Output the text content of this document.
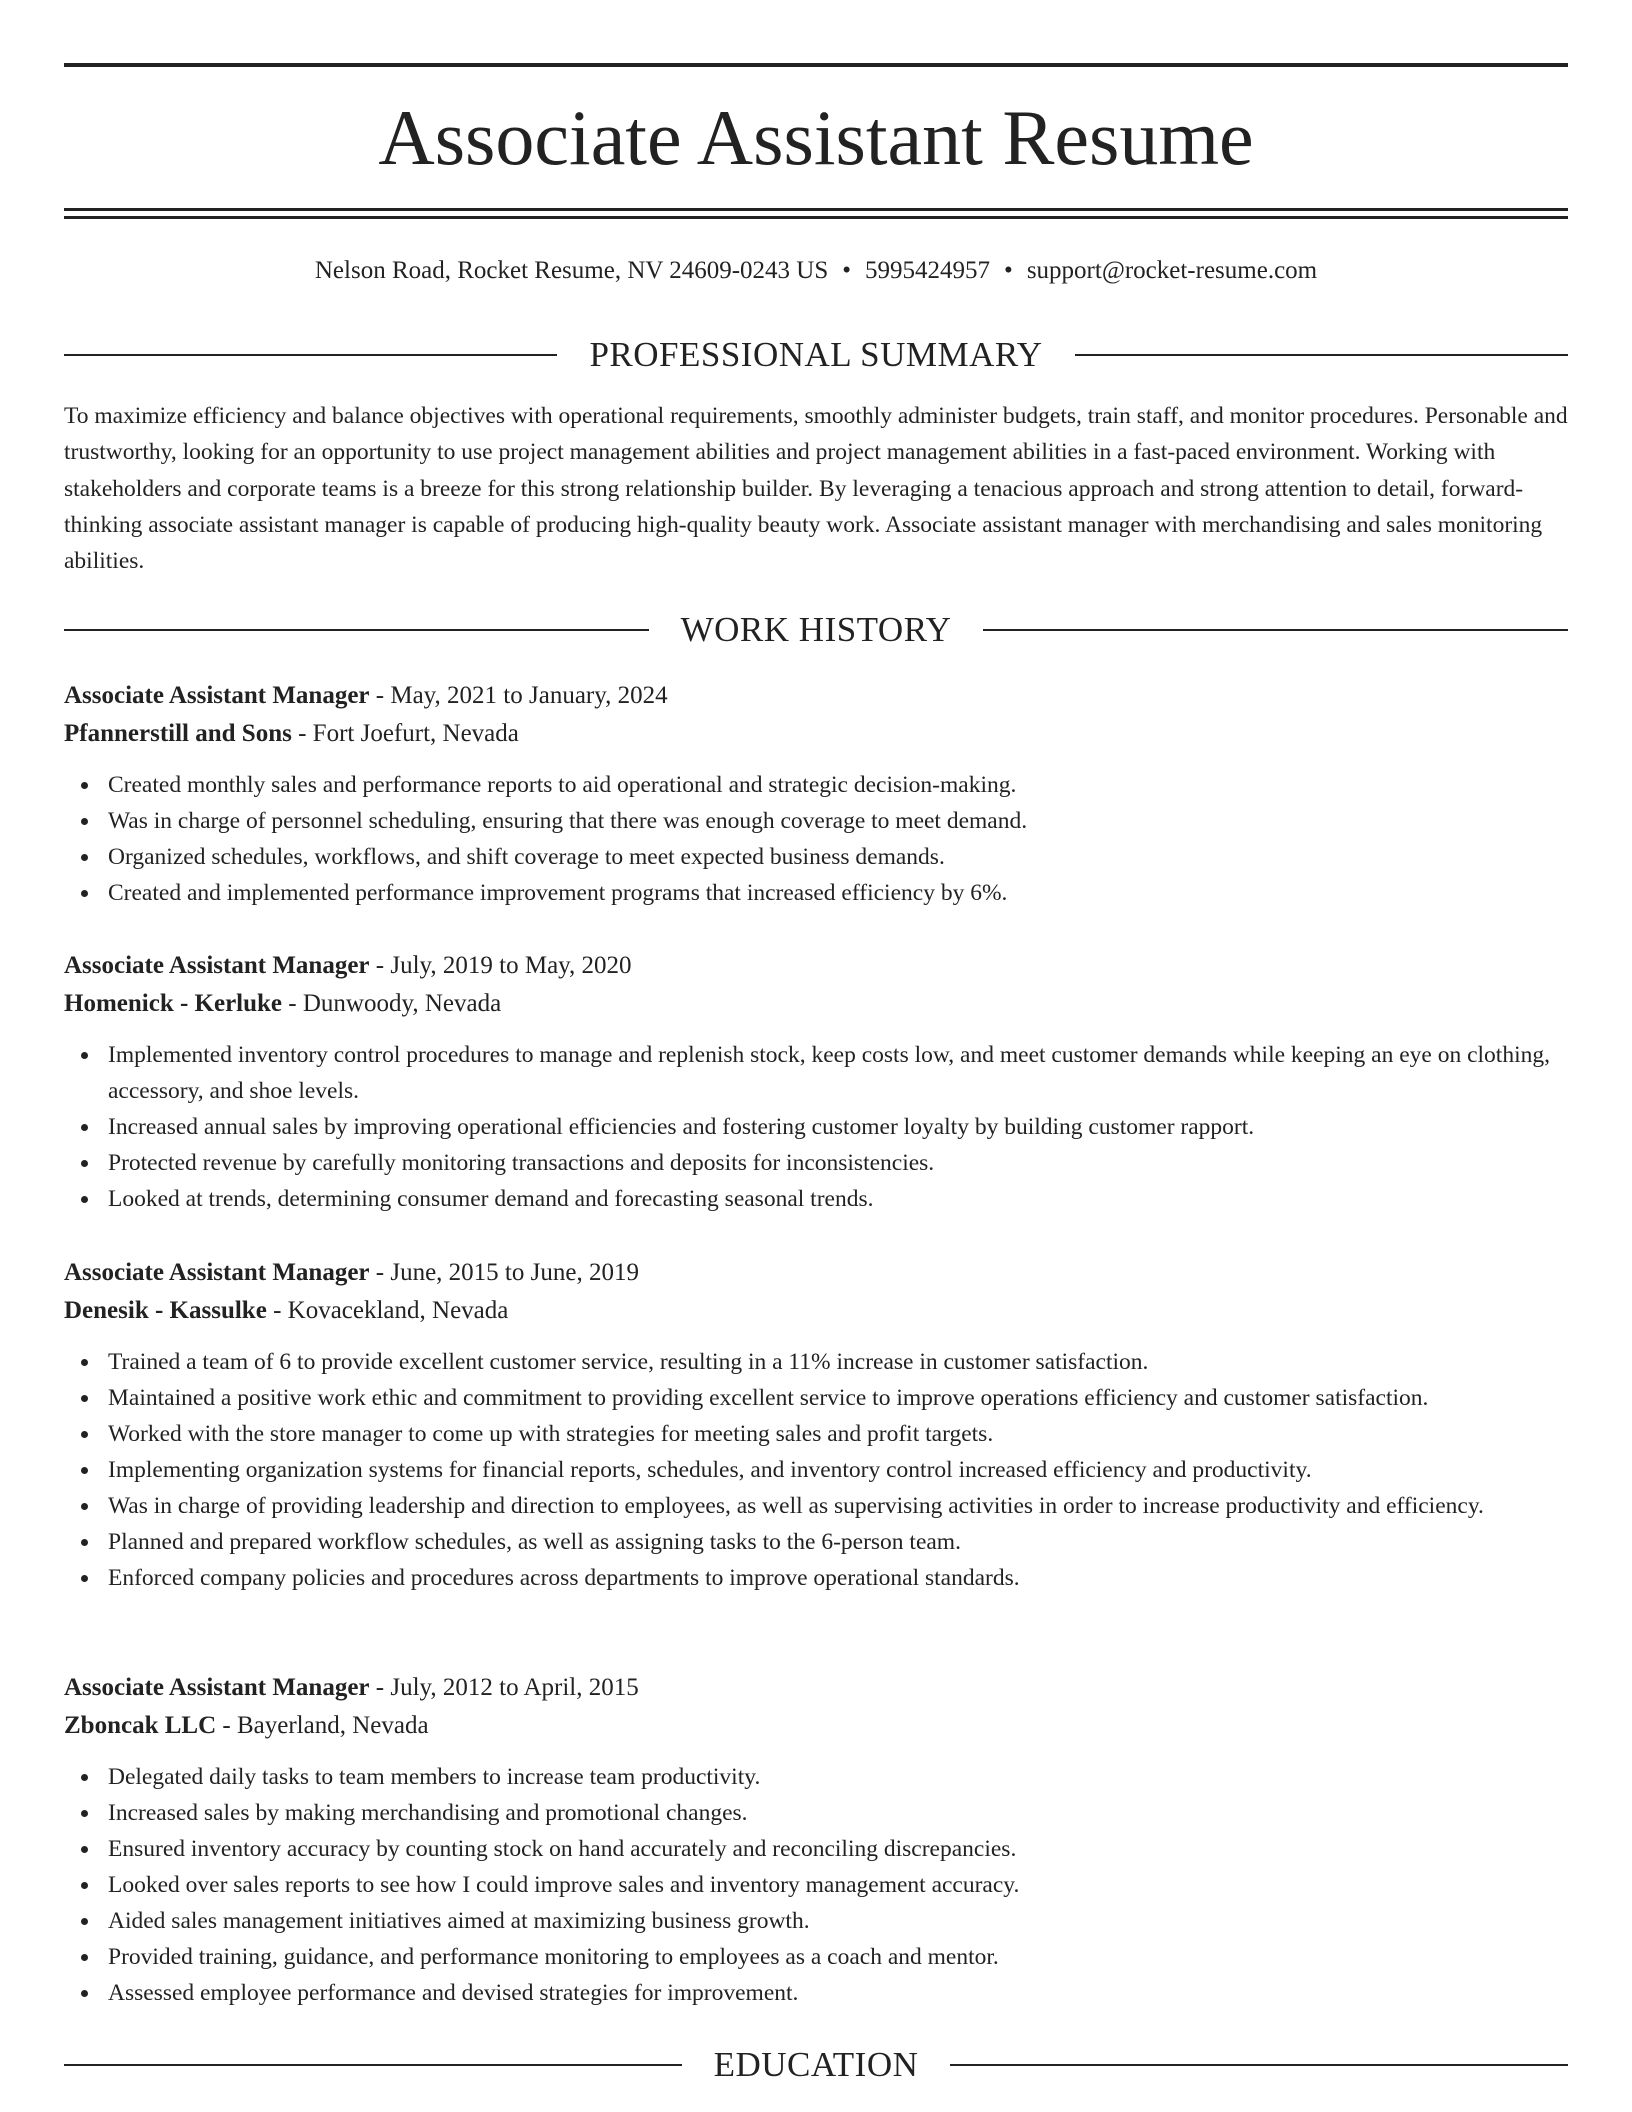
Associate Assistant Resume
Nelson Road, Rocket Resume, NV 24609-0243 US • 5995424957 • support@rocket-resume.com
PROFESSIONAL SUMMARY

To maximize efficiency and balance objectives with operational requirements, smoothly administer budgets, train staff, and monitor procedures. Personable and trustworthy, looking for an opportunity to use project management abilities and project management abilities in a fast-paced environment. Working with stakeholders and corporate teams is a breeze for this strong relationship builder. By leveraging a tenacious approach and strong attention to detail, forward-thinking associate assistant manager is capable of producing high-quality beauty work. Associate assistant manager with merchandising and sales monitoring abilities.

WORK HISTORY
Associate Assistant Manager - May, 2021 to January, 2024
Pfannerstill and Sons - Fort Joefurt, Nevada
Created monthly sales and performance reports to aid operational and strategic decision-making.
Was in charge of personnel scheduling, ensuring that there was enough coverage to meet demand.
Organized schedules, workflows, and shift coverage to meet expected business demands.
Created and implemented performance improvement programs that increased efficiency by 6%.
Associate Assistant Manager - July, 2019 to May, 2020
Homenick - Kerluke - Dunwoody, Nevada
Implemented inventory control procedures to manage and replenish stock, keep costs low, and meet customer demands while keeping an eye on clothing, accessory, and shoe levels.
Increased annual sales by improving operational efficiencies and fostering customer loyalty by building customer rapport.
Protected revenue by carefully monitoring transactions and deposits for inconsistencies.
Looked at trends, determining consumer demand and forecasting seasonal trends.
Associate Assistant Manager - June, 2015 to June, 2019
Denesik - Kassulke - Kovacekland, Nevada
Trained a team of 6 to provide excellent customer service, resulting in a 11% increase in customer satisfaction.
Maintained a positive work ethic and commitment to providing excellent service to improve operations efficiency and customer satisfaction.
Worked with the store manager to come up with strategies for meeting sales and profit targets.
Implementing organization systems for financial reports, schedules, and inventory control increased efficiency and productivity.
Was in charge of providing leadership and direction to employees, as well as supervising activities in order to increase productivity and efficiency.
Planned and prepared workflow schedules, as well as assigning tasks to the 6-person team.
Enforced company policies and procedures across departments to improve operational standards.
Associate Assistant Manager - July, 2012 to April, 2015
Zboncak LLC - Bayerland, Nevada
Delegated daily tasks to team members to increase team productivity.
Increased sales by making merchandising and promotional changes.
Ensured inventory accuracy by counting stock on hand accurately and reconciling discrepancies.
Looked over sales reports to see how I could improve sales and inventory management accuracy.
Aided sales management initiatives aimed at maximizing business growth.
Provided training, guidance, and performance monitoring to employees as a coach and mentor.
Assessed employee performance and devised strategies for improvement.
EDUCATION
